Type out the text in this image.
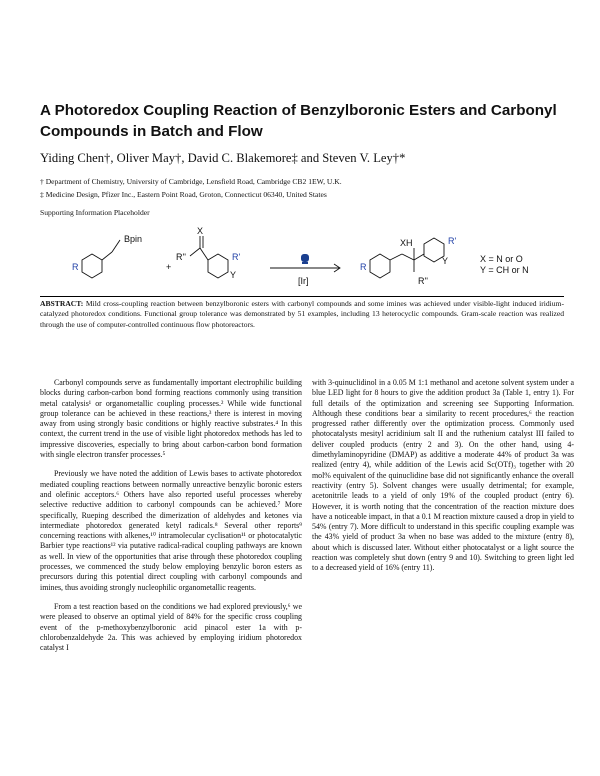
A Photoredox Coupling Reaction of Benzylboronic Esters and Carbonyl Compounds in Batch and Flow
Yiding Chen†, Oliver May†, David C. Blakemore‡ and Steven V. Ley†*
† Department of Chemistry, University of Cambridge, Lensfield Road, Cambridge CB2 1EW, U.K.
‡ Medicine Design, Pfizer Inc., Eastern Point Road, Groton, Connecticut 06340, United States
Supporting Information Placeholder
R
Bpin
+
X
R''
Y
R'
[Ir]
XH	R'
Y
R''
R
X = N or O
Y = CH or N
ABSTRACT: Mild cross-coupling reaction between benzylboronic esters with carbonyl compounds and some imines was achieved under visible-light induced iridium-catalyzed photoredox conditions. Functional group tolerance was demonstrated by 51 examples, including 13 heterocyclic compounds. Gram-scale reaction was realized through the use of computer-controlled continuous flow photoreactors.

Carbonyl compounds serve as fundamentally important electrophilic building blocks during carbon-carbon bond forming reactions commonly using transition metal catalysis¹ or organometallic coupling processes.² While wide functional group tolerance can be achieved in these reactions,³ there is interest in moving away from using strongly basic conditions or highly reactive substrates.⁴ In this context, the current trend in the use of visible light photoredox methods has led to impressive discoveries, especially to bring about carbon-carbon bond formation with single electron transfer processes.⁵

Previously we have noted the addition of Lewis bases to activate photoredox mediated coupling reactions between normally unreactive benzylic boronic esters and olefinic acceptors.⁶ Others have also reported useful processes whereby selective reductive addition to carbonyl compounds can be achieved.⁷ More specifically, Rueping described the dimerization of aldehydes and ketones via intermediate photoredox generated ketyl radicals.⁸ Several other reports⁹ concerning reactions with alkenes,¹⁰ intramolecular cyclisation¹¹ or photocatalytic Barbier type reactions¹² via putative radical-radical coupling pathways are known as well. In view of the opportunities that arise through these photoredox coupling processes, we commenced the study below employing benzylic boron esters as precursors during this potential direct coupling with carbonyl compounds and imines, thus avoiding strongly nucleophilic organometallic reagents.

From a test reaction based on the conditions we had explored previously,⁶ we were pleased to observe an optimal yield of 84% for the specific cross coupling event of the p-methoxybenzylboronic acid pinacol ester 1a with p-chlorobenzaldehyde 2a. This was achieved by employing iridium photoredox catalyst I

with 3-quinuclidinol in a 0.05 M 1:1 methanol and acetone solvent system under a blue LED light for 8 hours to give the addition product 3a (Table 1, entry 1). For full details of the optimization and screening see Supporting Information. Although these conditions bear a similarity to recent procedures,⁶ the reaction progressed rather differently over the optimization process. Commonly used photocatalysts mesityl acridinium salt II and the ruthenium catalyst III failed to deliver coupled products (entry 2 and 3). On the other hand, using 4-dimethylaminopyridine (DMAP) as additive a moderate 44% of product 3a was realized (entry 4), while addition of the Lewis acid Sc(OTf)₃ together with 20 mol% equivalent of the quinuclidine base did not significantly enhance the overall reactivity (entry 5). Solvent changes were usually detrimental; for example, acetonitrile leads to a yield of only 19% of the coupled product (entry 6). However, it is worth noting that the concentration of the reaction mixture does have a noticeable impact, in that a 0.1 M reaction mixture caused a drop in yield to 54% (entry 7). More difficult to understand in this specific coupling example was the 43% yield of product 3a when no base was added to the mixture (entry 8), about which is discussed later. Without either photocatalyst or a light source the reaction was completely shut down (entry 9 and 10). Switching to green light led to a decreased yield of 16% (entry 11).
